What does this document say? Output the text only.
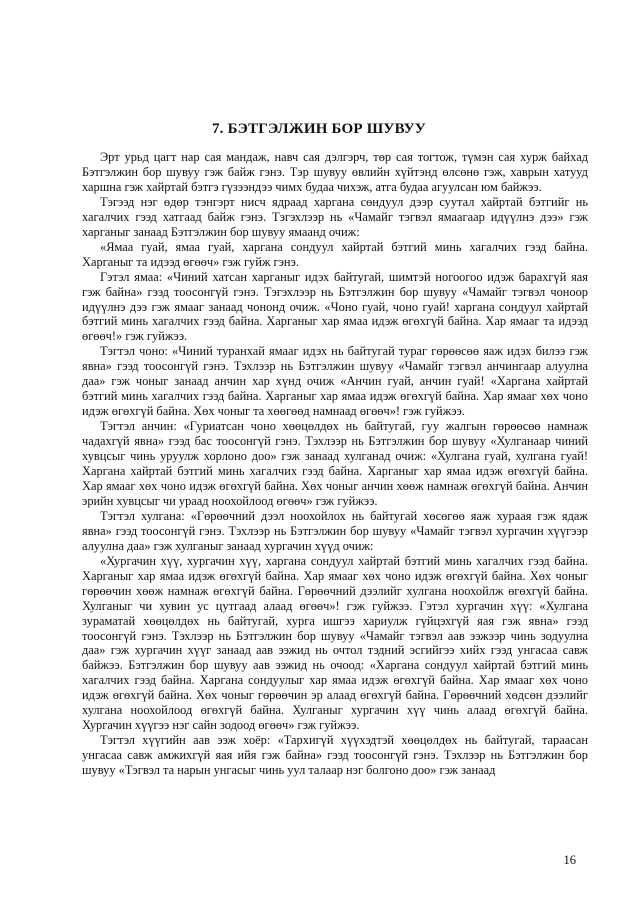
7. БЭТГЭЛЖИН БОР ШУВУУ

Эрт урьд цагт нар сая мандаж, навч сая дэлгэрч, төр сая тогтож, түмэн сая хурж байхад Бэтгэлжин бор шувуу гэж байж гэнэ. Тэр шувуу өвлийн хүйтэнд өлсөнө гэж, хаврын хатууд харшна гэж хайртай бэтгэ гүзээндээ чимх будаа чихэж, атга будаа агуулсан юм байжээ.

Тэгээд нэг өдөр тэнгэрт нисч ядраад харгана сөндуул дээр суутал хайртай бэтгийг нь хагалчих гээд хатгаад байж гэнэ. Тэгэхлээр нь «Чамайг тэгвэл ямаагаар идүүлнэ дээ» гэж харганыг занаад Бэтгэлжин бор шувуу ямаанд очиж:

«Ямаа гуай, ямаа гуай, харгана сондуул хайртай бэтгий минь хагалчих гээд байна. Харганыг та идээд өгөөч» гэж гуйж гэнэ.

Гэтэл ямаа: «Чиний хатсан харганыг идэх байтугай, шимтэй ногоогоо идэж барахгүй яая гэж байна» гээд тоосонгүй гэнэ. Тэгэхлээр нь Бэтгэлжин бор шувуу «Чамайг тэгвэл чонoор идүүлнэ дээ гэж ямааг занаад чононд очиж. «Чоно гуай, чоно гуай! харгана сондуул хайртай бэтгий минь хагалчих гээд байна. Харганыг хар ямаа идэж өгөхгүй байна. Хар ямааг та идээд өгөөч!» гэж гуйжээ.

Тэгтэл чоно: «Чиний туранхай ямааг идэх нь байтугай тураг гөрөөсөө яаж идэх билээ гэж явна» гээд тоосонгүй гэнэ. Тэхлээр нь Бэтгэлжин шувуу «Чамайг тэгвэл анчингаар алуулна даа» гэж чоныг занаад анчин хар хүнд очиж «Анчин гуай, анчин гуай! «Харгана хайртай бэтгий минь хагалчих гээд байна. Харганыг хар ямаа идэж өгөхгүй байна. Хар ямааг хөх чоно идэж өгөхгүй байна. Хөх чоныг та хөөгөөд намнаад өгөөч»! гэж гуйжээ.

Тэгтэл анчин: «Гуриатсан чоно хөөцөлдөх нь байтугай, гуу жалгын гөрөөсөө намнаж чадахгүй явна» гээд бас тоосонгүй гэнэ. Тэхлээр нь Бэтгэлжин бор шувуу «Хулганаар чиний хувцсыг чинь уруулж хорлоно доо» гэж занаад хулганад очиж: «Хулгана гуай, хулгана гуай! Харгана хайртай бэтгий минь хагалчих гээд байна. Харганыг хар ямаа идэж өгөхгүй байна. Хар ямааг хөх чоно идэж өгөхгүй байна. Хөх чоныг анчин хөөж намнаж өгөхгүй байна. Анчин эрийн хувцсыг чи ураад ноохойлоод өгөөч» гэж гуйжээ.

Тэгтэл хулгана: «Гөрөөчний дээл ноохойлох нь байтугай хөсөгөө яаж хураая гэж ядаж явна» гээд тоосонгүй гэнэ. Тэхлээр нь Бэтгэлжин бор шувуу «Чамайг тэгвэл хургачин хүүгээр алуулна даа» гэж хулганыг занаад хургачин хүүд очиж:

«Хургачин хүү, хургачин хүү, харгана сондуул хайртай бэтгий минь хагалчих гээд байна. Харганыг хар ямаа идэж өгөхгүй байна. Хар ямааг хөх чоно идэж өгөхгүй байна. Хөх чоныг гөрөөчин хөөж намнаж өгөхгүй байна. Гөрөөчний дээлийг хулгана ноохойлж өгөхгүй байна. Хулганыг чи хувин ус цутгаад алаад өгөөч»! гэж гуйжээ. Гэтэл хургачин хүү: «Хулгана зураматай хөөцөлдөх нь байтугай, хурга ишгээ хариулж гүйцэхгүй яая гэж явна» гээд тоосонгүй гэнэ. Тэхлээр нь Бэтгэлжин бор шувуу «Чамайг тэгвэл аав ээжээр чинь зодуулна даа» гэж хургачин хүүг занаад аав ээжид нь очтол тэдний эсгийгээ хийх гээд унгасаа савж байжээ. Бэтгэлжин бор шувуу аав ээжид нь очоод: «Харгана сондуул хайртай бэтгий минь хагалчих гээд байна. Харгана сондуулыг хар ямаа идэж өгөхгүй байна. Хар ямааг хөх чоно идэж өгөхгүй байна. Хөх чоныг гөрөөчин эр алаад өгөхгүй байна. Гөрөөчний хөдсөн дээлийг хулгана ноохойлоод өгөхгүй байна. Хулганыг хургачин хүү чинь алаад өгөхгүй байна. Хургачин хүүгээ нэг сайн зодоод өгөөч» гэж гуйжээ.

Тэгтэл хүүгийн аав ээж хоёр: «Тархигүй хүүхэдтэй хөөцөлдөх нь байтугай, тараасан унгасаа савж амжихгүй яая ийя гэж байна» гээд тоосонгүй гэнэ. Тэхлээр нь Бэтгэлжин бор шувуу «Тэгвэл та нарын унгасыг чинь уул талаар нэг болгоно доо» гэж занаад

16
